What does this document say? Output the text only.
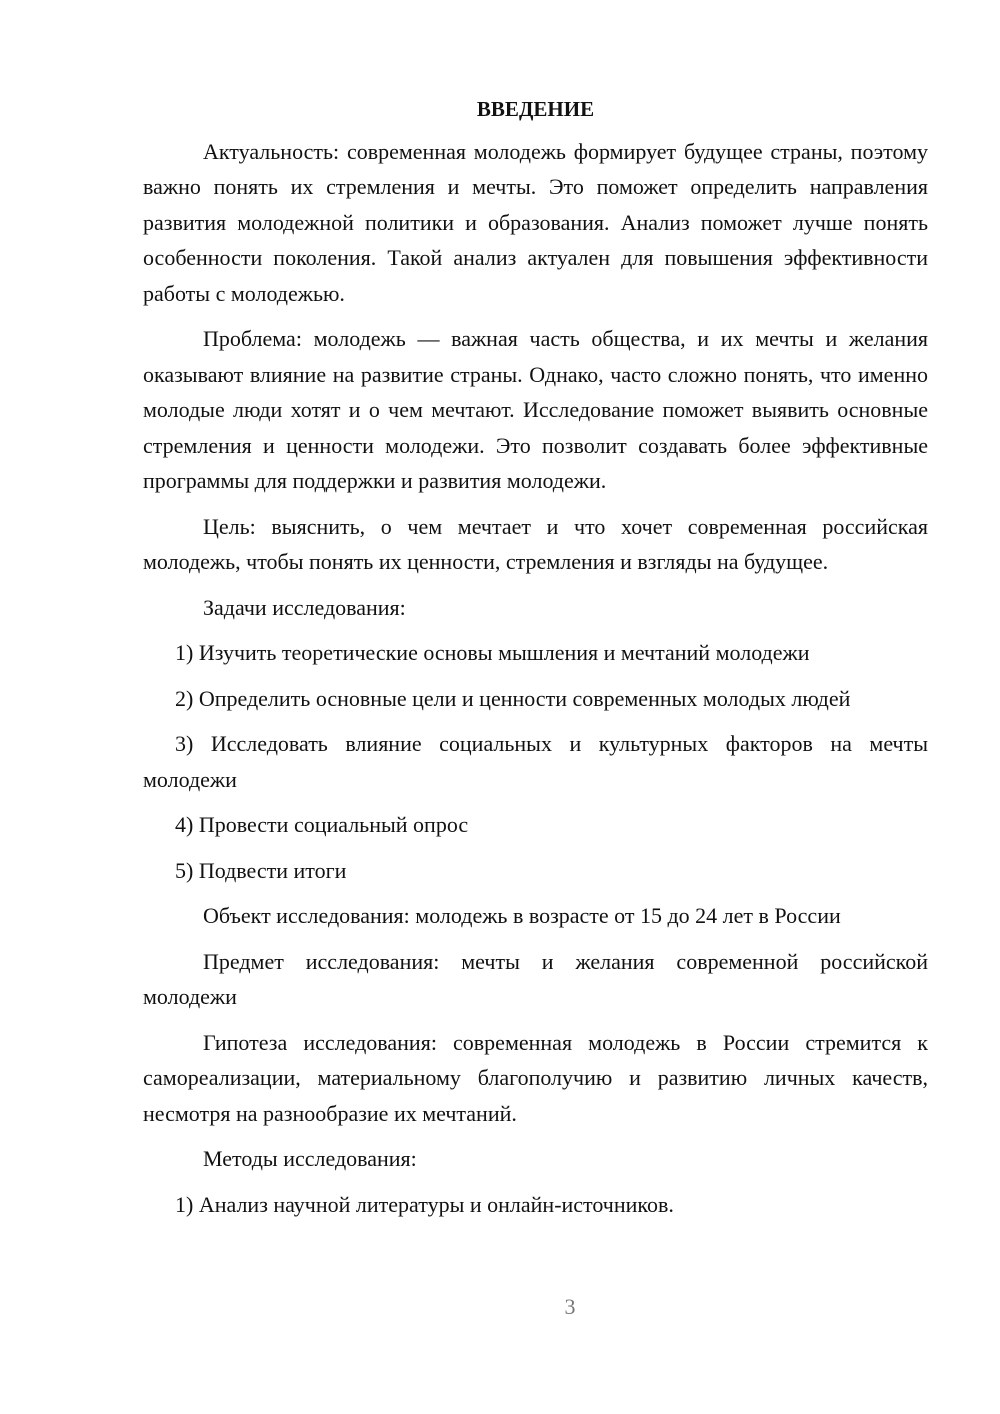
ВВЕДЕНИЕ

Актуальность: современная молодежь формирует будущее страны, поэтому важно понять их стремления и мечты. Это поможет определить направления развития молодежной политики и образования. Анализ поможет лучше понять особенности поколения. Такой анализ актуален для повышения эффективности работы с молодежью.

Проблема: молодежь — важная часть общества, и их мечты и желания оказывают влияние на развитие страны. Однако, часто сложно понять, что именно молодые люди хотят и о чем мечтают. Исследование поможет выявить основные стремления и ценности молодежи. Это позволит создавать более эффективные программы для поддержки и развития молодежи.

Цель: выяснить, о чем мечтает и что хочет современная российская молодежь, чтобы понять их ценности, стремления и взгляды на будущее.

Задачи исследования:

1) Изучить теоретические основы мышления и мечтаний молодежи

2) Определить основные цели и ценности современных молодых людей

3) Исследовать влияние социальных и культурных факторов на мечты молодежи

4) Провести социальный опрос

5) Подвести итоги

Объект исследования: молодежь в возрасте от 15 до 24 лет в России

Предмет исследования: мечты и желания современной российской молодежи

Гипотеза исследования: современная молодежь в России стремится к самореализации, материальному благополучию и развитию личных качеств, несмотря на разнообразие их мечтаний.

Методы исследования:

1) Анализ научной литературы и онлайн-источников.

3
